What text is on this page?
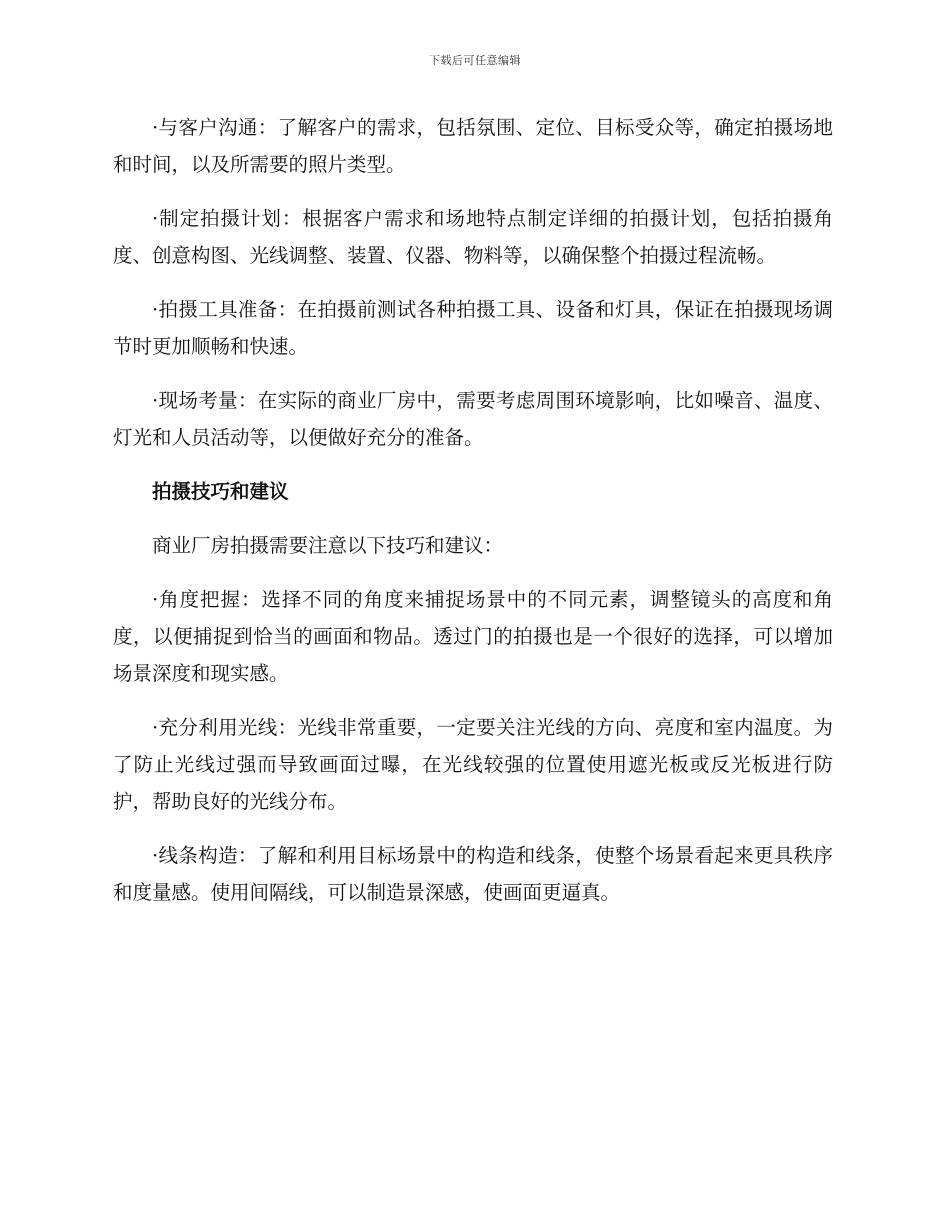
下载后可任意编辑

·与客户沟通：了解客户的需求，包括氛围、定位、目标受众等，确定拍摄场地和时间，以及所需要的照片类型。

·制定拍摄计划：根据客户需求和场地特点制定详细的拍摄计划，包括拍摄角度、创意构图、光线调整、装置、仪器、物料等，以确保整个拍摄过程流畅。

·拍摄工具准备：在拍摄前测试各种拍摄工具、设备和灯具，保证在拍摄现场调节时更加顺畅和快速。

·现场考量：在实际的商业厂房中，需要考虑周围环境影响，比如噪音、温度、灯光和人员活动等，以便做好充分的准备。

拍摄技巧和建议

商业厂房拍摄需要注意以下技巧和建议：

·角度把握：选择不同的角度来捕捉场景中的不同元素，调整镜头的高度和角度，以便捕捉到恰当的画面和物品。透过门的拍摄也是一个很好的选择，可以增加场景深度和现实感。

·充分利用光线：光线非常重要，一定要关注光线的方向、亮度和室内温度。为了防止光线过强而导致画面过曝，在光线较强的位置使用遮光板或反光板进行防护，帮助良好的光线分布。

·线条构造：了解和利用目标场景中的构造和线条，使整个场景看起来更具秩序和度量感。使用间隔线，可以制造景深感，使画面更逼真。
